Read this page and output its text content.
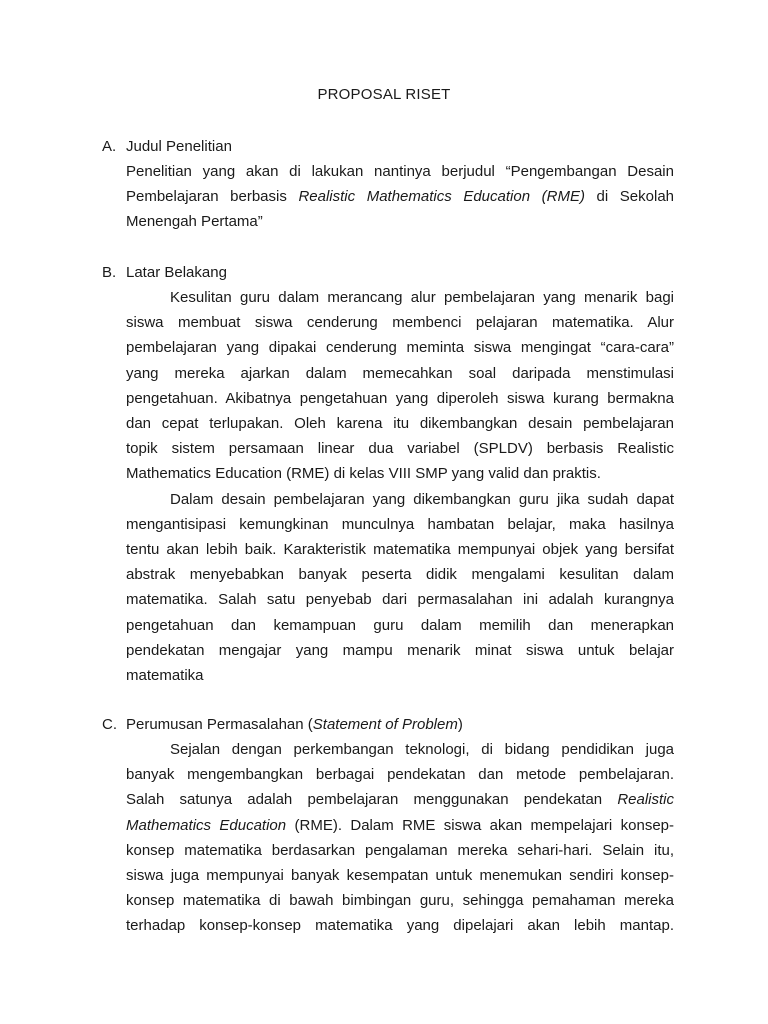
PROPOSAL RISET
A. Judul Penelitian
Penelitian yang akan di lakukan nantinya berjudul “Pengembangan Desain
Pembelajaran berbasis Realistic Mathematics Education (RME) di Sekolah
Menengah Pertama”
B. Latar Belakang
Kesulitan guru dalam merancang alur pembelajaran yang menarik bagi
siswa membuat siswa cenderung membenci pelajaran matematika. Alur
pembelajaran yang dipakai cenderung meminta siswa mengingat “cara-cara”
yang mereka ajarkan dalam memecahkan soal daripada menstimulasi
pengetahuan. Akibatnya pengetahuan yang diperoleh siswa kurang bermakna
dan cepat terlupakan. Oleh karena itu dikembangkan desain pembelajaran
topik sistem persamaan linear dua variabel (SPLDV) berbasis Realistic
Mathematics Education (RME) di kelas VIII SMP yang valid dan praktis.
Dalam desain pembelajaran yang dikembangkan guru jika sudah dapat
mengantisipasi kemungkinan munculnya hambatan belajar, maka hasilnya
tentu akan lebih baik. Karakteristik matematika mempunyai objek yang bersifat
abstrak menyebabkan banyak peserta didik mengalami kesulitan dalam
matematika. Salah satu penyebab dari permasalahan ini adalah kurangnya
pengetahuan dan kemampuan guru dalam memilih dan menerapkan
pendekatan mengajar yang mampu menarik minat siswa untuk belajar
matematika
C. Perumusan Permasalahan (Statement of Problem)
Sejalan dengan perkembangan teknologi, di bidang pendidikan juga
banyak mengembangkan berbagai pendekatan dan metode pembelajaran.
Salah satunya adalah pembelajaran menggunakan pendekatan Realistic
Mathematics Education (RME). Dalam RME siswa akan mempelajari konsep-
konsep matematika berdasarkan pengalaman mereka sehari-hari. Selain itu,
siswa juga mempunyai banyak kesempatan untuk menemukan sendiri konsep-
konsep matematika di bawah bimbingan guru, sehingga pemahaman mereka
terhadap konsep-konsep matematika yang dipelajari akan lebih mantap.
